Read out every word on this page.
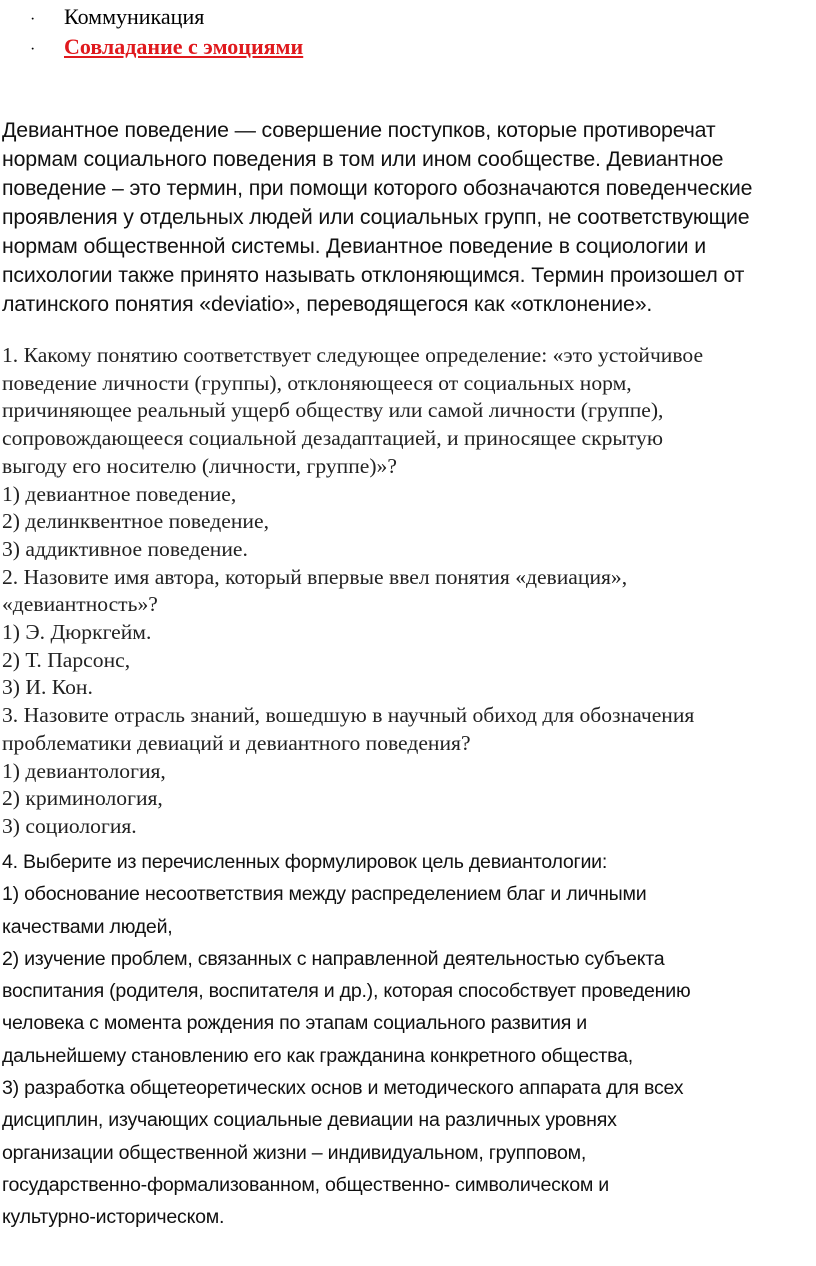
·	Коммуникация
·	Совладание с эмоциями

Девиантное поведение — совершение поступков, которые противоречат

нормам социального поведения в том или ином сообществе. Девиантное

поведение – это термин, при помощи которого обозначаются поведенческие

проявления у отдельных людей или социальных групп, не соответствующие

нормам общественной системы. Девиантное поведение в социологии и

психологии также принято называть отклоняющимся. Термин произошел от

латинского понятия «deviatio», переводящегося как «отклонение».

1. Какому понятию соответствует следующее определение: «это устойчивое
поведение личности (группы), отклоняющееся от социальных норм,
причиняющее реальный ущерб обществу или самой личности (группе),
сопровождающееся социальной дезадаптацией, и приносящее скрытую
выгоду его носителю (личности, группе)»?
1) девиантное поведение,
2) делинквентное поведение,
3) аддиктивное поведение.
2. Назовите имя автора, который впервые ввел понятия «девиация»,
«девиантность»?
1) Э. Дюркгейм.
2) Т. Парсонс,
3) И. Кон.
3. Назовите отрасль знаний, вошедшую в научный обиход для обозначения
проблематики девиаций и девиантного поведения?
1) девиантология,
2) криминология,
3) социология.
4. Выберите из перечисленных формулировок цель девиантологии:
1) обоснование несоответствия между распределением благ и личными
качествами людей,
2) изучение проблем, связанных с направленной деятельностью субъекта
воспитания (родителя, воспитателя и др.), которая способствует проведению
человека с момента рождения по этапам социального развития и
дальнейшему становлению его как гражданина конкретного общества,
3) разработка общетеоретических основ и методического аппарата для всех
дисциплин, изучающих социальные девиации на различных уровнях
организации общественной жизни – индивидуальном, групповом,
государственно-формализованном, общественно- символическом и
культурно-историческом.
